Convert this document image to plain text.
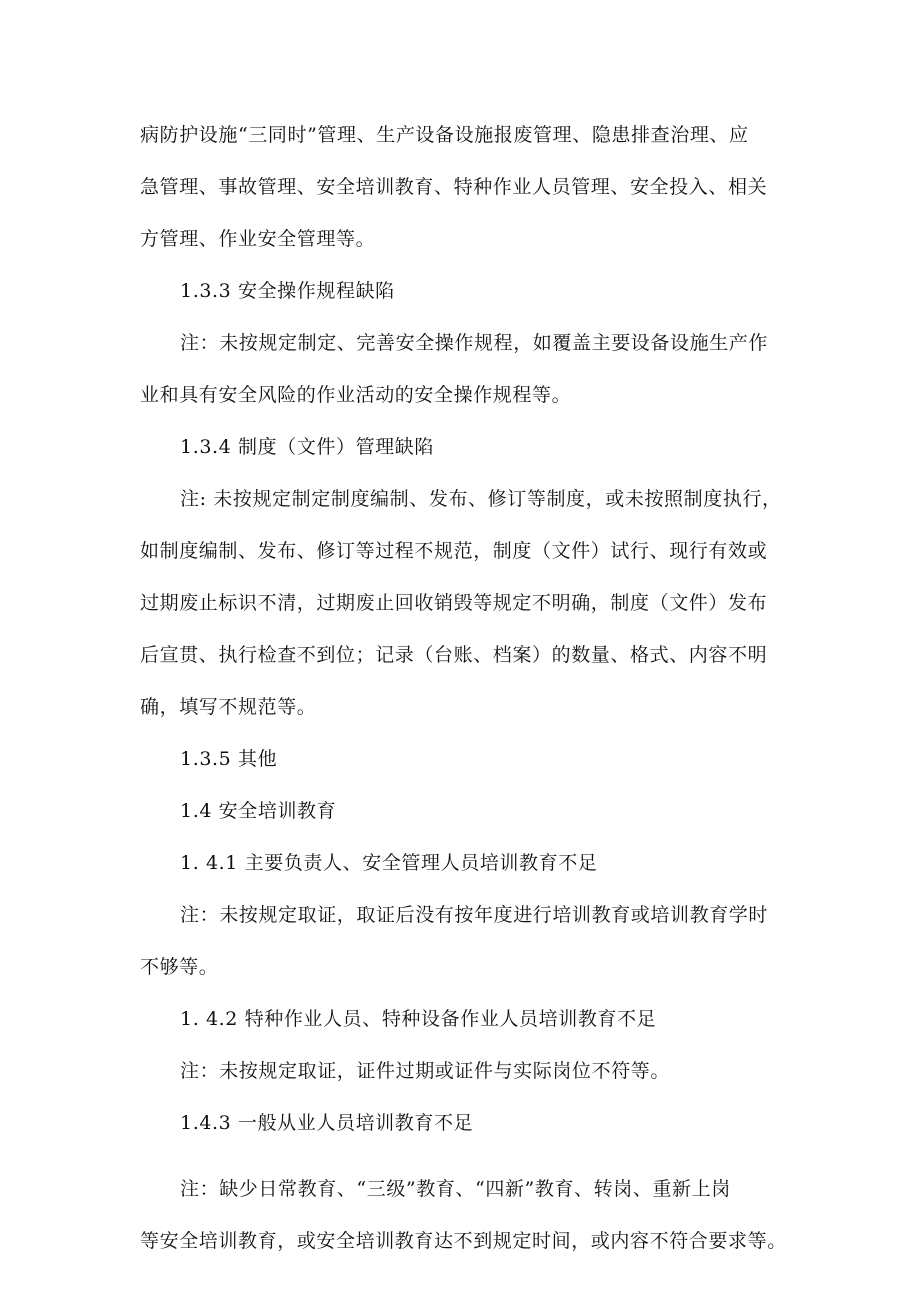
病防护设施“三同时”管理、生产设备设施报废管理、隐患排查治理、应
急管理、事故管理、安全培训教育、特种作业人员管理、安全投入、相关
方管理、作业安全管理等。
1.3.3 安全操作规程缺陷
注：未按规定制定、完善安全操作规程，如覆盖主要设备设施生产作
业和具有安全风险的作业活动的安全操作规程等。
1.3.4 制度（文件）管理缺陷
注: 未按规定制定制度编制、发布、修订等制度，或未按照制度执行，
如制度编制、发布、修订等过程不规范，制度（文件）试行、现行有效或
过期废止标识不清，过期废止回收销毁等规定不明确，制度（文件）发布
后宣贯、执行检查不到位；记录（台账、档案）的数量、格式、内容不明
确，填写不规范等。
1.3.5 其他
1.4 安全培训教育
1. 4.1 主要负责人、安全管理人员培训教育不足
注：未按规定取证，取证后没有按年度进行培训教育或培训教育学时
不够等。
1. 4.2 特种作业人员、特种设备作业人员培训教育不足
注：未按规定取证，证件过期或证件与实际岗位不符等。
1.4.3 一般从业人员培训教育不足
注：缺少日常教育、“三级”教育、“四新”教育、转岗、重新上岗
等安全培训教育，或安全培训教育达不到规定时间，或内容不符合要求等。
